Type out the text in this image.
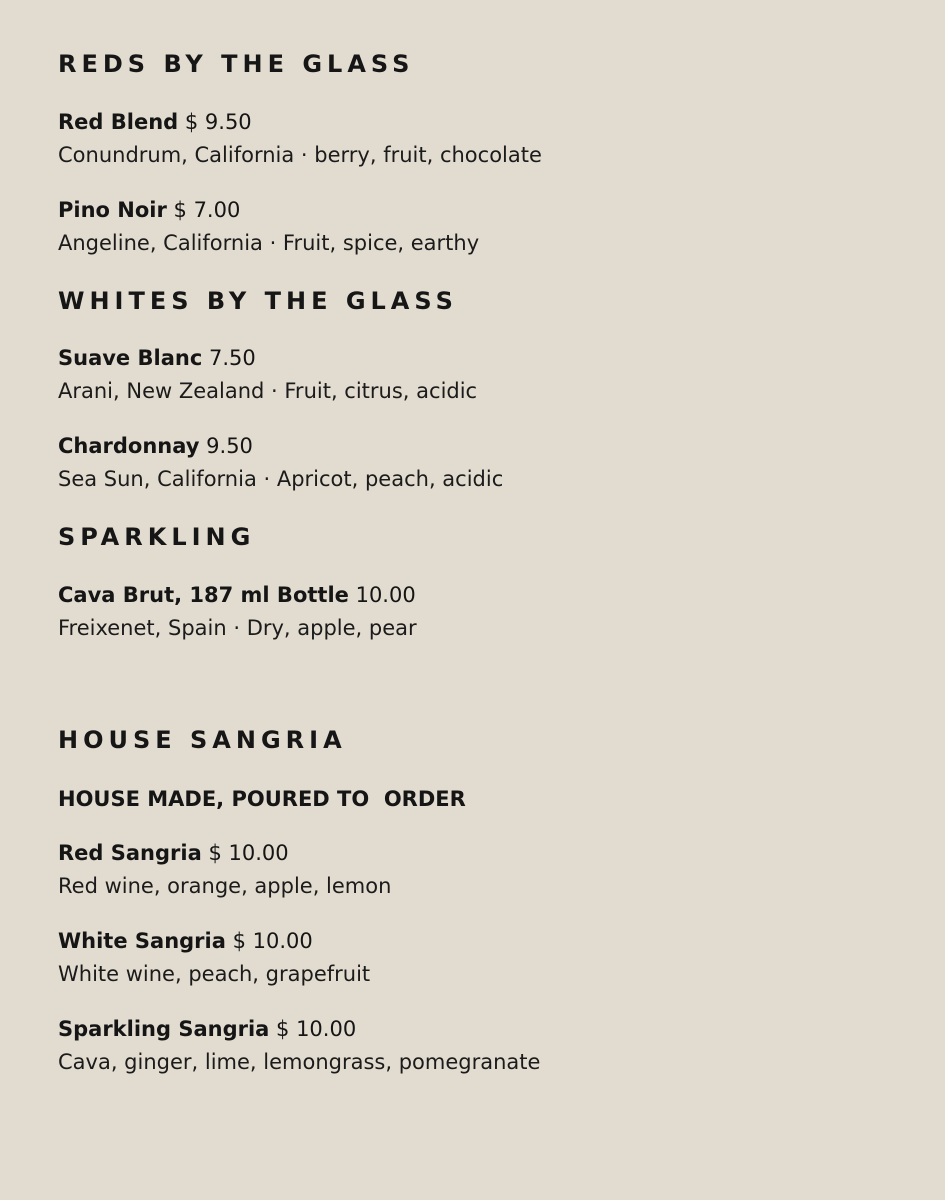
REDS BY THE GLASS
Red Blend $ 9.50
Conundrum, California · berry, fruit, chocolate
Pino Noir $ 7.00
Angeline, California · Fruit, spice, earthy
WHITES BY THE GLASS
Suave Blanc 7.50
Arani, New Zealand · Fruit, citrus, acidic
Chardonnay 9.50
Sea Sun, California · Apricot, peach, acidic
SPARKLING
Cava Brut, 187 ml Bottle 10.00
Freixenet, Spain · Dry, apple, pear
HOUSE SANGRIA
HOUSE MADE, POURED TO  ORDER
Red Sangria $ 10.00
Red wine, orange, apple, lemon
White Sangria $ 10.00
White wine, peach, grapefruit
Sparkling Sangria $ 10.00
Cava, ginger, lime, lemongrass, pomegranate
